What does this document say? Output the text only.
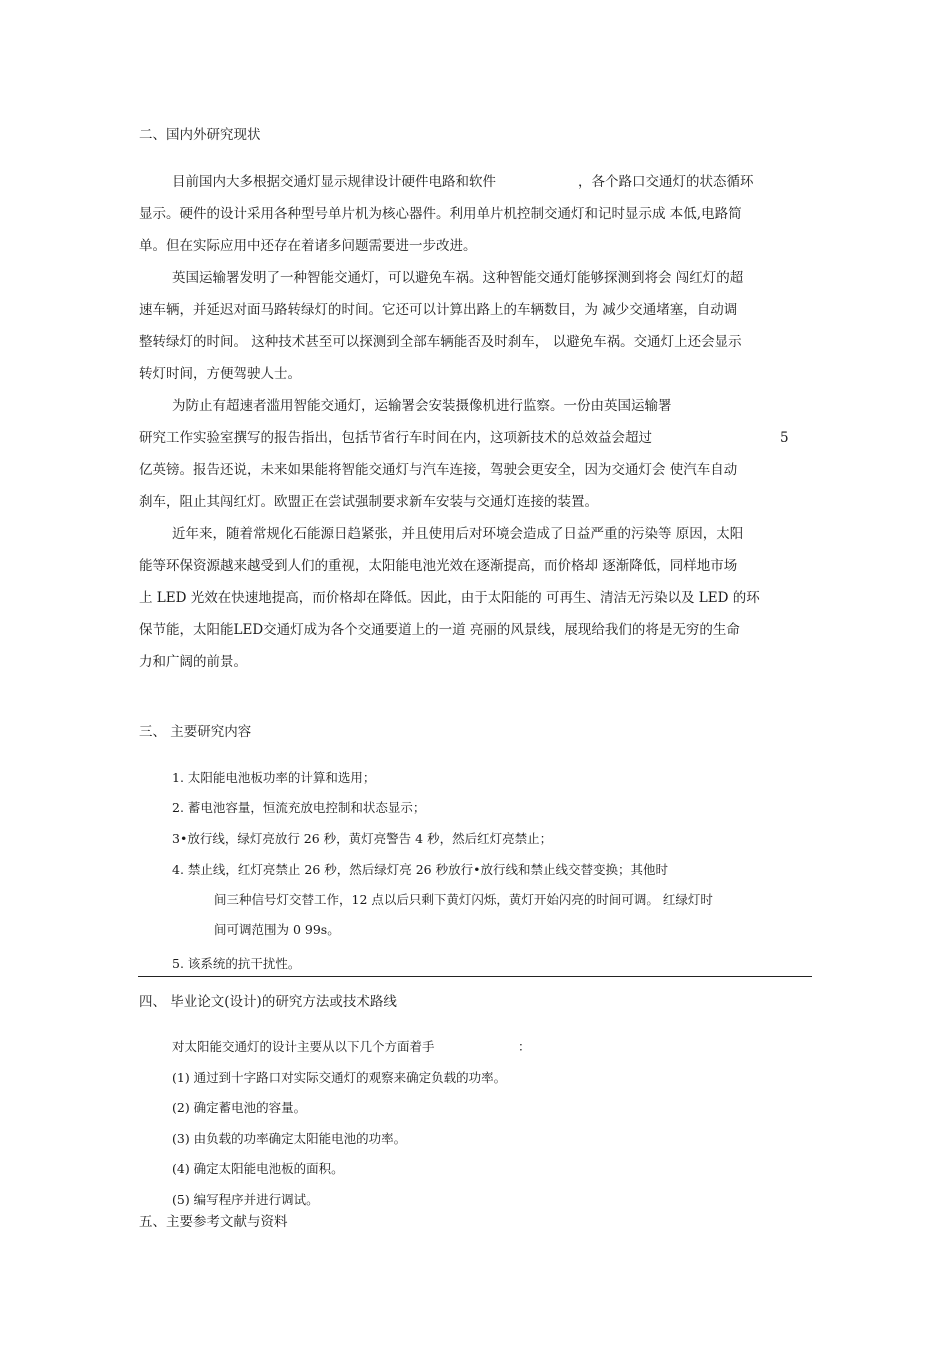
二、国内外研究现状
目前国内大多根据交通灯显示规律设计硬件电路和软件	，各个路口交通灯的状态循环
显示。硬件的设计采用各种型号单片机为核心器件。利用单片机控制交通灯和记时显示成 本低,电路简
单。但在实际应用中还存在着诸多问题需要进一步改进。
英国运输署发明了一种智能交通灯，可以避免车祸。这种智能交通灯能够探测到将会 闯红灯的超
速车辆，并延迟对面马路转绿灯的时间。它还可以计算出路上的车辆数目，为 减少交通堵塞，自动调
整转绿灯的时间。 这种技术甚至可以探测到全部车辆能否及时刹车， 以避免车祸。交通灯上还会显示
转灯时间，方便驾驶人士。
为防止有超速者滥用智能交通灯，运输署会安装摄像机进行监察。一份由英国运输署
研究工作实验室撰写的报告指出，包括节省行车时间在内，这项新技术的总效益会超过	5
亿英镑。报告还说，未来如果能将智能交通灯与汽车连接，驾驶会更安全，因为交通灯会 使汽车自动
刹车，阻止其闯红灯。欧盟正在尝试强制要求新车安装与交通灯连接的装置。
近年来，随着常规化石能源日趋紧张，并且使用后对环境会造成了日益严重的污染等 原因，太阳
能等环保资源越来越受到人们的重视，太阳能电池光效在逐渐提高，而价格却 逐渐降低，同样地市场
上 LED 光效在快速地提高，而价格却在降低。因此，由于太阳能的 可再生、清洁无污染以及 LED 的环
保节能，太阳能LED交通灯成为各个交通要道上的一道 亮丽的风景线，展现给我们的将是无穷的生命
力和广阔的前景。
三、 主要研究内容
1. 太阳能电池板功率的计算和选用；
2. 蓄电池容量，恒流充放电控制和状态显示；
3•放行线，绿灯亮放行 26 秒，黄灯亮警告 4 秒，然后红灯亮禁止；
4. 禁止线，红灯亮禁止 26 秒，然后绿灯亮 26 秒放行•放行线和禁止线交替变换；其他时
间三种信号灯交替工作，12 点以后只剩下黄灯闪烁，黄灯开始闪亮的时间可调。 红绿灯时
间可调范围为 0 99s。
5. 该系统的抗干扰性。
四、 毕业论文(设计)的研究方法或技术路线
对太阳能交通灯的设计主要从以下几个方面着手	：
(1) 通过到十字路口对实际交通灯的观察来确定负载的功率。
(2) 确定蓄电池的容量。
(3) 由负载的功率确定太阳能电池的功率。
(4) 确定太阳能电池板的面积。
(5) 编写程序并进行调试。
五、主要参考文献与资料
